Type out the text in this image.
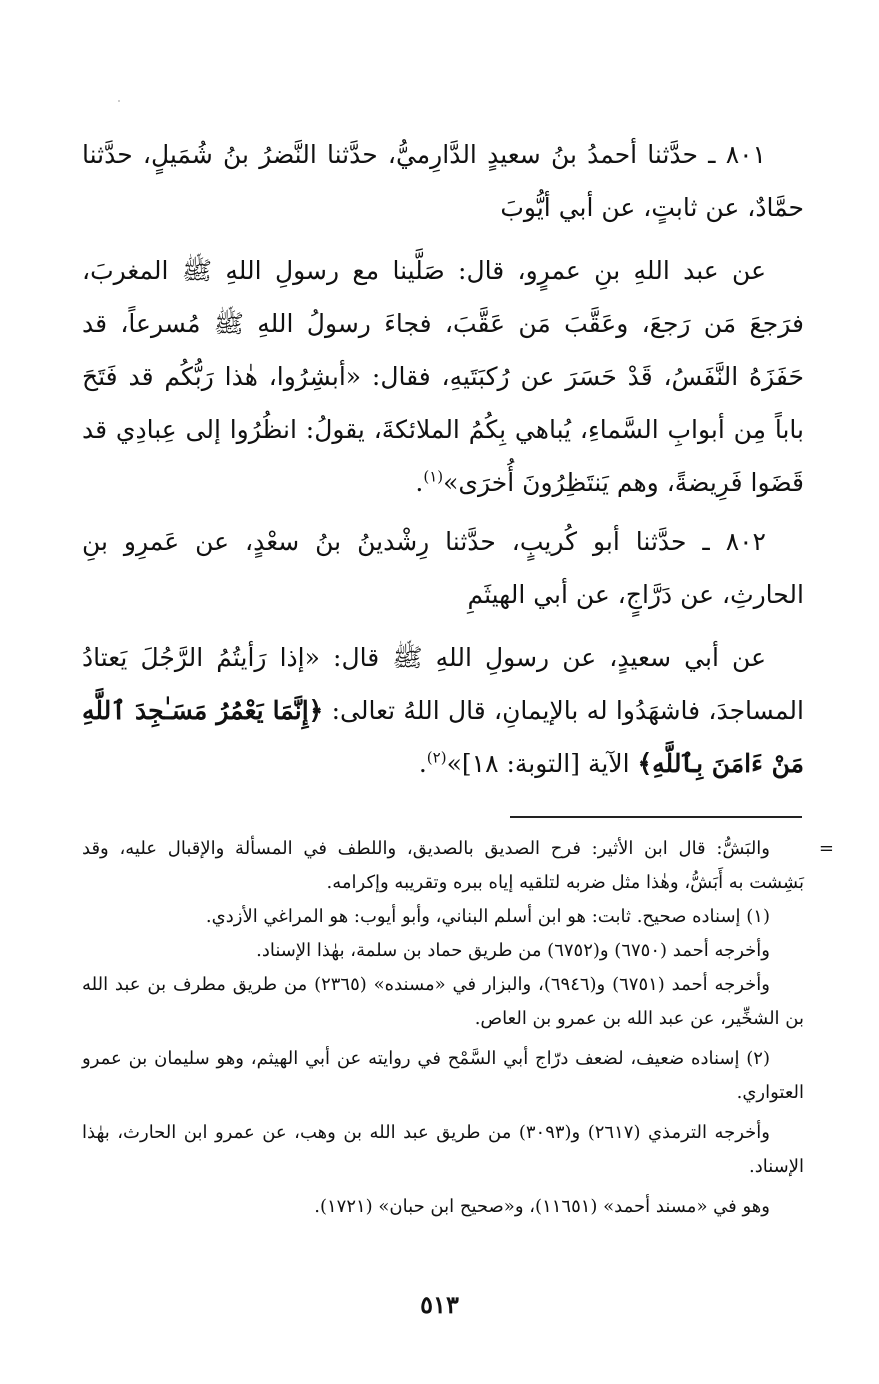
٨٠١ ـ حدَّثنا أحمدُ بنُ سعيدٍ الدَّارِميُّ، حدَّثنا النَّضرُ بنُ شُمَيلٍ، حدَّثنا حمَّادٌ، عن ثابتٍ، عن أبي أيُّوبَ

عن عبد اللهِ بنِ عمرٍو، قال: صَلَّينا مع رسولِ اللهِ ﷺ المغربَ، فرَجعَ مَن رَجعَ، وعَقَّبَ مَن عَقَّبَ، فجاءَ رسولُ اللهِ ﷺ مُسرعاً، قد حَفَزَهُ النَّفَسُ، قَدْ حَسَرَ عن رُكبَتَيهِ، فقال: «أبشِرُوا، هٰذا رَبُّكُم قد فَتَحَ باباً مِن أبوابِ السَّماءِ، يُباهي بِكُمُ الملائكةَ، يقولُ: انظُرُوا إلى عِبادِي قد قَضَوا فَرِيضةً، وهم يَنتَظِرُونَ أُخرَى»$^{(١)}$.

٨٠٢ ـ حدَّثنا أبو كُريبٍ، حدَّثنا رِشْدينُ بنُ سعْدٍ، عن عَمرِو بنِ الحارثِ، عن دَرَّاجٍ، عن أبي الهيثَمِ

عن أبي سعيدٍ، عن رسولِ اللهِ ﷺ قال: «إذا رَأيتُمُ الرَّجُلَ يَعتادُ المساجدَ، فاشهَدُوا له بالإيمانِ، قال اللهُ تعالى: ﴿إِنَّمَا يَعْمُرُ مَسَـٰجِدَ ٱللَّهِ مَنْ ءَامَنَ بِٱللَّهِ﴾ الآية [التوبة: ١٨]»$^{(٢)}$.

=

والبَشُّ: قال ابن الأثير: فرح الصديق بالصديق، واللطف في المسألة والإقبال عليه، وقد بَشِشت به أَبَشُّ، وهٰذا مثل ضربه لتلقيه إياه ببره وتقريبه وإكرامه.

(١) إسناده صحيح. ثابت: هو ابن أسلم البناني، وأبو أيوب: هو المراغي الأزدي.

وأخرجه أحمد (٦٧٥٠) و(٦٧٥٢) من طريق حماد بن سلمة، بهٰذا الإسناد.

وأخرجه أحمد (٦٧٥١) و(٦٩٤٦)، والبزار في «مسنده» (٢٣٦٥) من طريق مطرف بن عبد الله بن الشخِّير، عن عبد الله بن عمرو بن العاص.

(٢) إسناده ضعيف، لضعف درّاج أبي السَّمْح في روايته عن أبي الهيثم، وهو سليمان بن عمرو العتواري.

وأخرجه الترمذي (٢٦١٧) و(٣٠٩٣) من طريق عبد الله بن وهب، عن عمرو ابن الحارث، بهٰذا الإسناد.

وهو في «مسند أحمد» (١١٦٥١)، و«صحيح ابن حبان» (١٧٢١).

٥١٣
